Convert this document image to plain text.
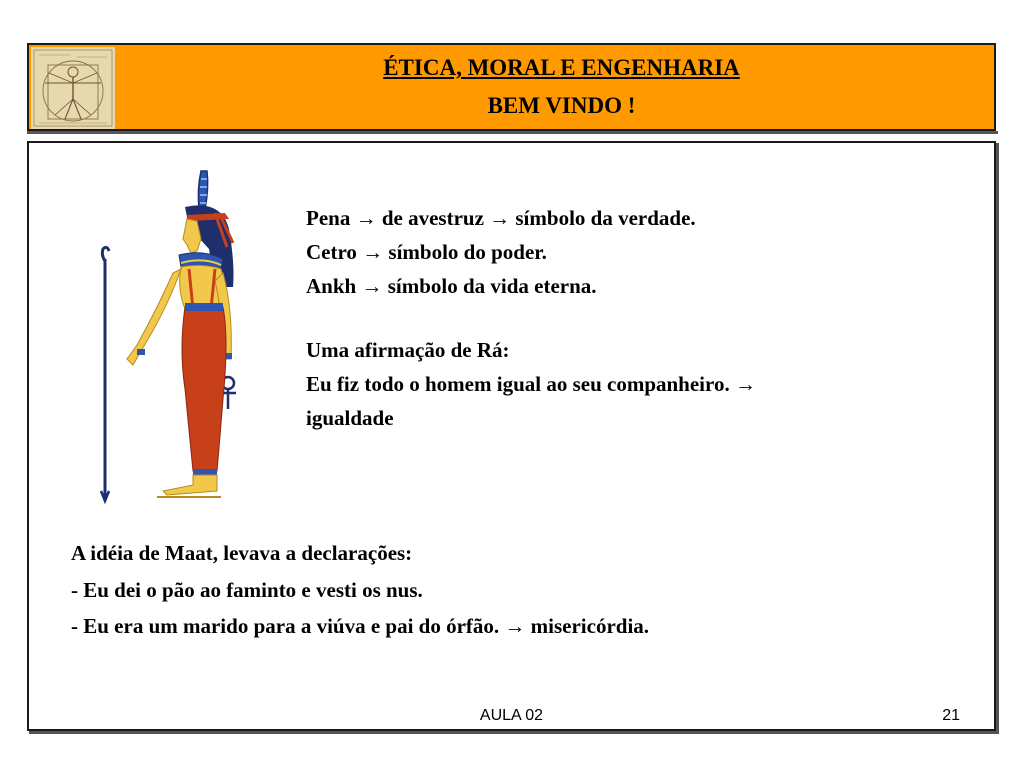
ÉTICA, MORAL E ENGENHARIA
BEM VINDO !
Pena → de avestruz → símbolo da verdade.
Cetro → símbolo do poder.
Ankh → símbolo da vida eterna.
Uma afirmação de Rá:
Eu fiz todo o homem igual ao seu companheiro. →
igualdade
A idéia de Maat, levava a declarações:
- Eu dei o pão ao faminto e vesti os nus.
- Eu era um marido para a viúva e pai do órfão. → misericórdia.
AULA 02	21
